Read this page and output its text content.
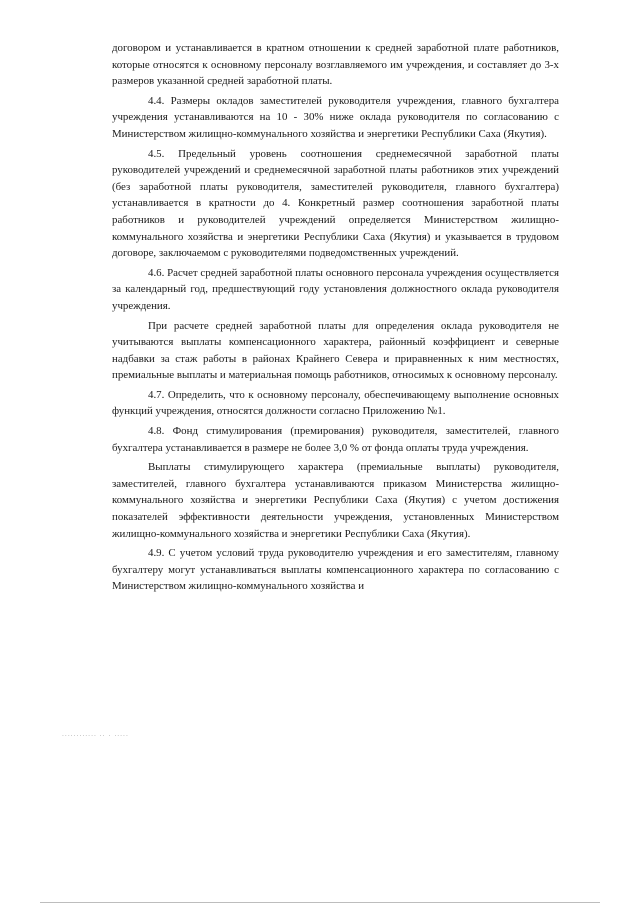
договором и устанавливается в кратном отношении к средней заработной плате работников, которые относятся к основному персоналу возглавляемого им учреждения, и составляет до 3-х размеров указанной средней заработной платы.

4.4. Размеры окладов заместителей руководителя учреждения, главного бухгалтера учреждения устанавливаются на 10 - 30% ниже оклада руководителя по согласованию с Министерством жилищно-коммунального хозяйства и энергетики Республики Саха (Якутия).

4.5. Предельный уровень соотношения среднемесячной заработной платы руководителей учреждений и среднемесячной заработной платы работников этих учреждений (без заработной платы руководителя, заместителей руководителя, главного бухгалтера) устанавливается в кратности до 4. Конкретный размер соотношения заработной платы работников и руководителей учреждений определяется Министерством жилищно-коммунального хозяйства и энергетики Республики Саха (Якутия) и указывается в трудовом договоре, заключаемом с руководителями подведомственных учреждений.

4.6. Расчет средней заработной платы основного персонала учреждения осуществляется за календарный год, предшествующий году установления должностного оклада руководителя учреждения.

При расчете средней заработной платы для определения оклада руководителя не учитываются выплаты компенсационного характера, районный коэффициент и северные надбавки за стаж работы в районах Крайнего Севера и приравненных к ним местностях, премиальные выплаты и материальная помощь работников, относимых к основному персоналу.

4.7. Определить, что к основному персоналу, обеспечивающему выполнение основных функций учреждения, относятся должности согласно Приложению №1.

4.8. Фонд стимулирования (премирования) руководителя, заместителей, главного бухгалтера устанавливается в размере не более 3,0 % от фонда оплаты труда учреждения.

Выплаты стимулирующего характера (премиальные выплаты) руководителя, заместителей, главного бухгалтера устанавливаются приказом Министерства жилищно-коммунального хозяйства и энергетики Республики Саха (Якутия) с учетом достижения показателей эффективности деятельности учреждения, установленных Министерством жилищно-коммунального хозяйства и энергетики Республики Саха (Якутия).

4.9. С учетом условий труда руководителю учреждения и его заместителям, главному бухгалтеру могут устанавливаться выплаты компенсационного характера по согласованию с Министерством жилищно-коммунального хозяйства и

............ .. . .....
